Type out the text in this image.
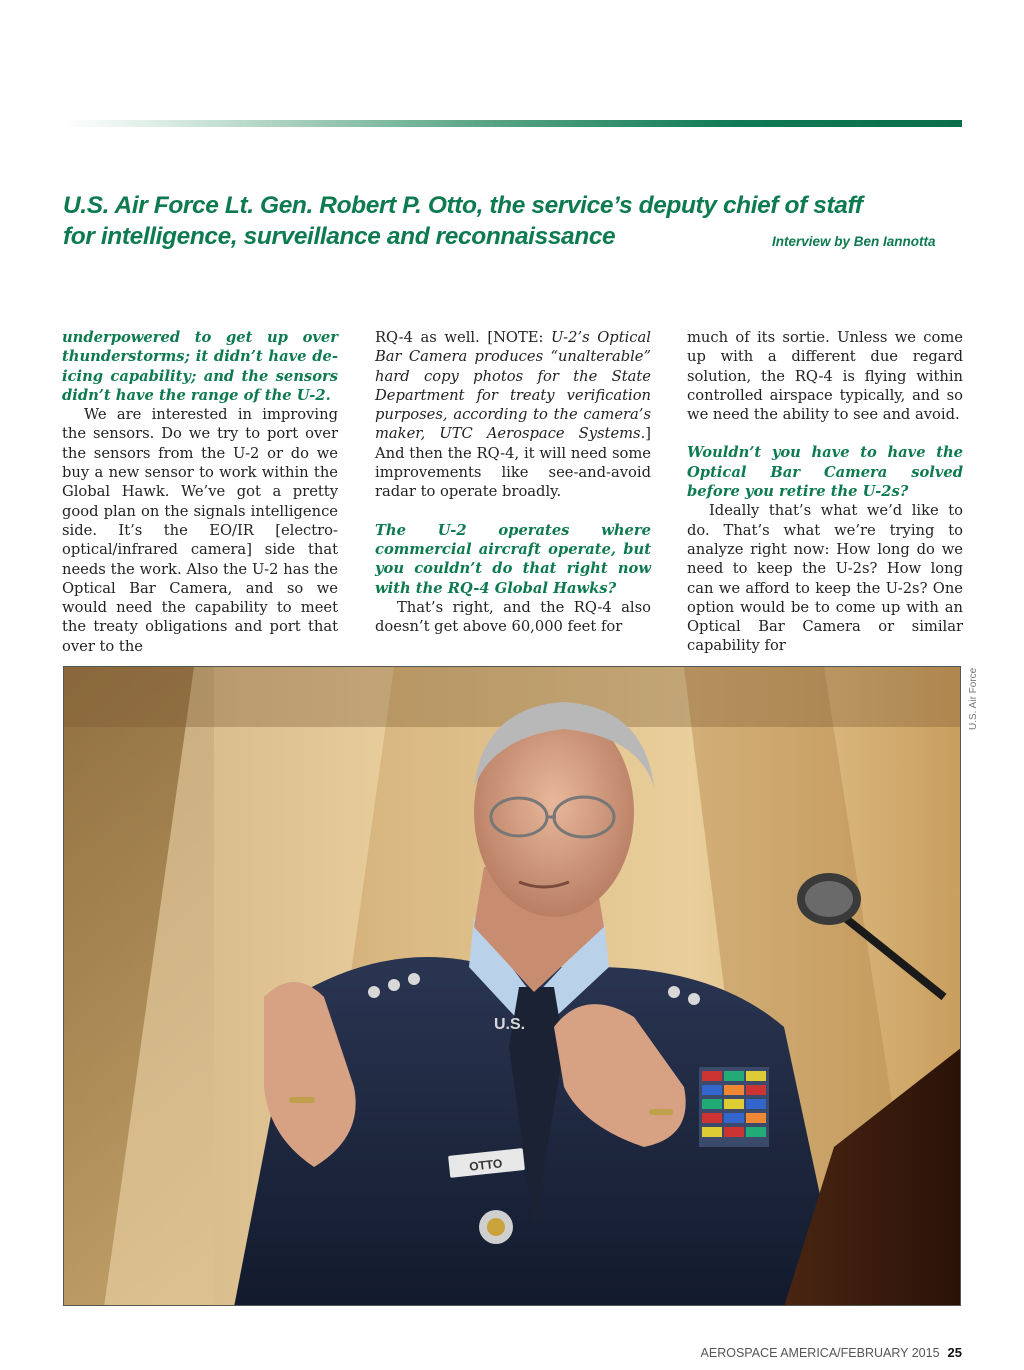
U.S. Air Force Lt. Gen. Robert P. Otto, the service’s deputy chief of staff
for intelligence, surveillance and reconnaissance	Interview by Ben Iannotta

underpowered to get up over thunderstorms; it didn’t have de-icing capability; and the sensors didn’t have the range of the U-2.

We are interested in improving the sensors. Do we try to port over the sensors from the U-2 or do we buy a new sensor to work within the Global Hawk. We’ve got a pretty good plan on the signals intelligence side. It’s the EO/IR [electro-optical/infrared camera] side that needs the work. Also the U-2 has the Optical Bar Camera, and so we would need the capability to meet the treaty obligations and port that over to the

RQ-4 as well. [NOTE: U-2’s Optical Bar Camera produces “unalterable” hard copy photos for the State Department for treaty verification purposes, according to the camera’s maker, UTC Aerospace Systems.] And then the RQ-4, it will need some improvements like see-and-avoid radar to operate broadly.

The U-2 operates where commercial aircraft operate, but you couldn’t do that right now with the RQ-4 Global Hawks?

That’s right, and the RQ-4 also doesn’t get above 60,000 feet for

much of its sortie. Unless we come up with a different due regard solution, the RQ-4 is flying within controlled airspace typically, and so we need the ability to see and avoid.

Wouldn’t you have to have the Optical Bar Camera solved before you retire the U-2s?

Ideally that’s what we’d like to do. That’s what we’re trying to analyze right now: How long do we need to keep the U-2s? How long can we afford to keep the U-2s? One option would be to come up with an Optical Bar Camera or similar capability for

U.S.
OTTO
U.S. Air Force
AEROSPACE AMERICA/FEBRUARY 2015 25
